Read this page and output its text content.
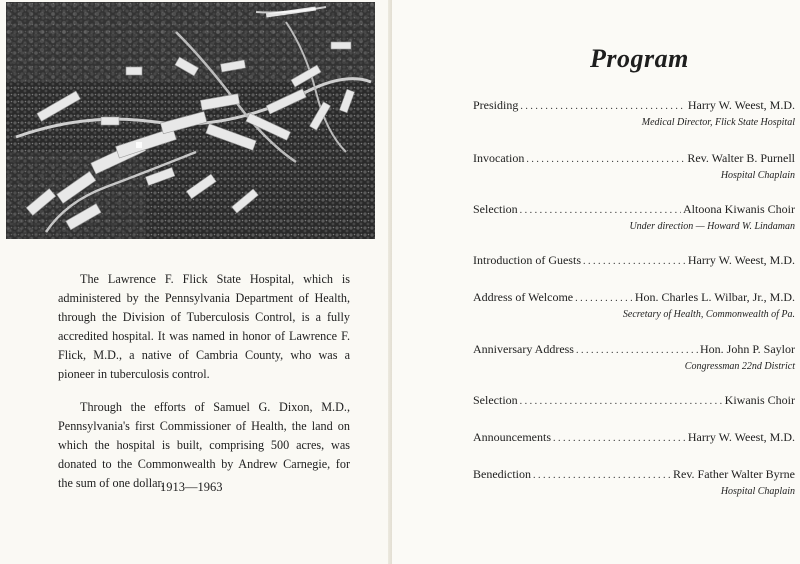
The Lawrence F. Flick State Hospital, which is administered by the Pennsylvania Department of Health, through the Division of Tuberculosis Control, is a fully accredited hospital. It was named in honor of Lawrence F. Flick, M.D., a native of Cambria County, who was a pioneer in tuberculosis control.

Through the efforts of Samuel G. Dixon, M.D., Pennsylvania's first Commissioner of Health, the land on which the hospital is built, comprising 500 acres, was donated to the Commonwealth by Andrew Carnegie, for the sum of one dollar.

1913—1963
Program
Presiding . . .	Harry W. Weest, M.D.
Medical Director, Flick State Hospital
Invocation . . .	Rev. Walter B. Purnell
Hospital Chaplain
Selection . . .	Altoona Kiwanis Choir
Under direction — Howard W. Lindaman
Introduction of Guests . . .	Harry W. Weest, M.D.
Address of Welcome . . .	Hon. Charles L. Wilbar, Jr., M.D.
Secretary of Health, Commonwealth of Pa.
Anniversary Address . . .	Hon. John P. Saylor
Congressman 22nd District
Selection . . .	Kiwanis Choir
Announcements . . .	Harry W. Weest, M.D.
Benediction . . .	Rev. Father Walter Byrne
Hospital Chaplain
